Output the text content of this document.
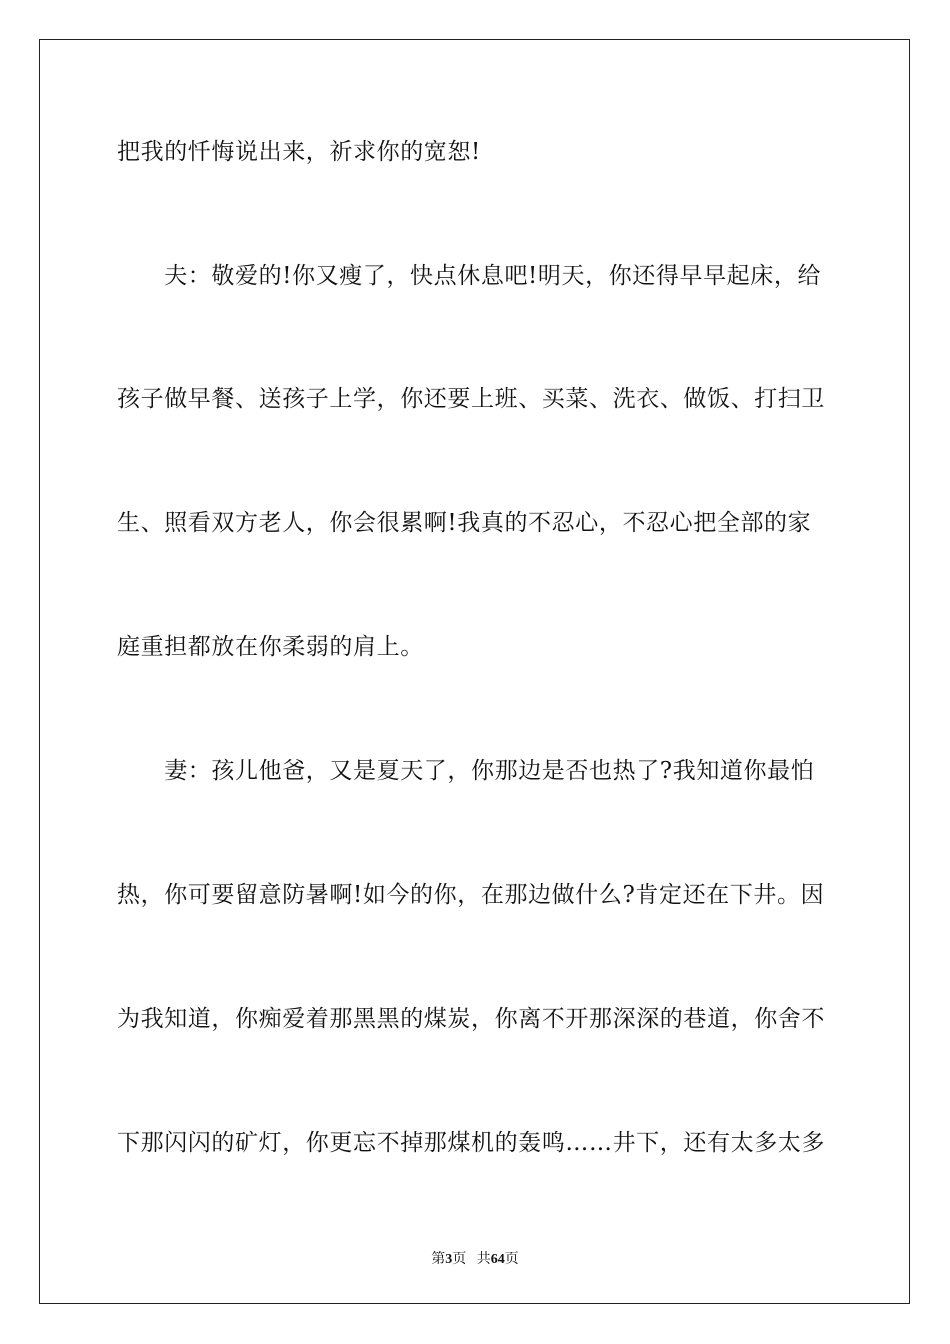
把我的忏悔说出来，祈求你的宽恕!
　　夫：敬爱的!你又瘦了，快点休息吧!明天，你还得早早起床，给
孩子做早餐、送孩子上学，你还要上班、买菜、洗衣、做饭、打扫卫
生、照看双方老人，你会很累啊!我真的不忍心，不忍心把全部的家
庭重担都放在你柔弱的肩上。
　　妻：孩儿他爸，又是夏天了，你那边是否也热了?我知道你最怕
热，你可要留意防暑啊!如今的你，在那边做什么?肯定还在下井。因
为我知道，你痴爱着那黑黑的煤炭，你离不开那深深的巷道，你舍不
下那闪闪的矿灯，你更忘不掉那煤机的轰鸣……井下，还有太多太多
第3页 共64页
